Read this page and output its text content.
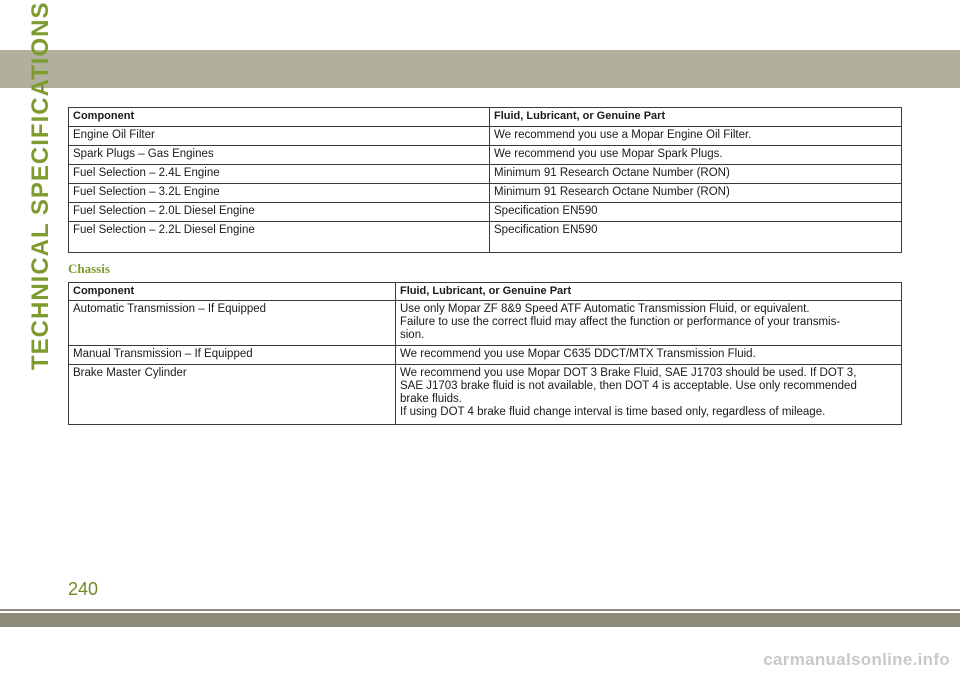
TECHNICAL SPECIFICATIONS Component	Fluid, Lubricant, or Genuine Part
Engine Oil Filter	We recommend you use a Mopar Engine Oil Filter.
Spark Plugs – Gas Engines	We recommend you use Mopar Spark Plugs.
Fuel Selection – 2.4L Engine	Minimum 91 Research Octane Number (RON)
Fuel Selection – 3.2L Engine	Minimum 91 Research Octane Number (RON)
Fuel Selection – 2.0L Diesel Engine	Specification EN590
Fuel Selection – 2.2L Diesel Engine	Specification EN590
Chassis
Component	Fluid, Lubricant, or Genuine Part
Automatic Transmission – If Equipped	Use only Mopar ZF 8&9 Speed ATF Automatic Transmission Fluid, or equivalent.
Failure to use the correct fluid may affect the function or performance of your transmis-
sion.

Manual Transmission – If Equipped	We recommend you use Mopar C635 DDCT/MTX Transmission Fluid.

Brake Master Cylinder	We recommend you use Mopar DOT 3 Brake Fluid, SAE J1703 should be used. If DOT 3,
SAE J1703 brake fluid is not available, then DOT 4 is acceptable. Use only recommended
brake fluids.
If using DOT 4 brake fluid change interval is time based only, regardless of mileage.
240
carmanualsonline.info
